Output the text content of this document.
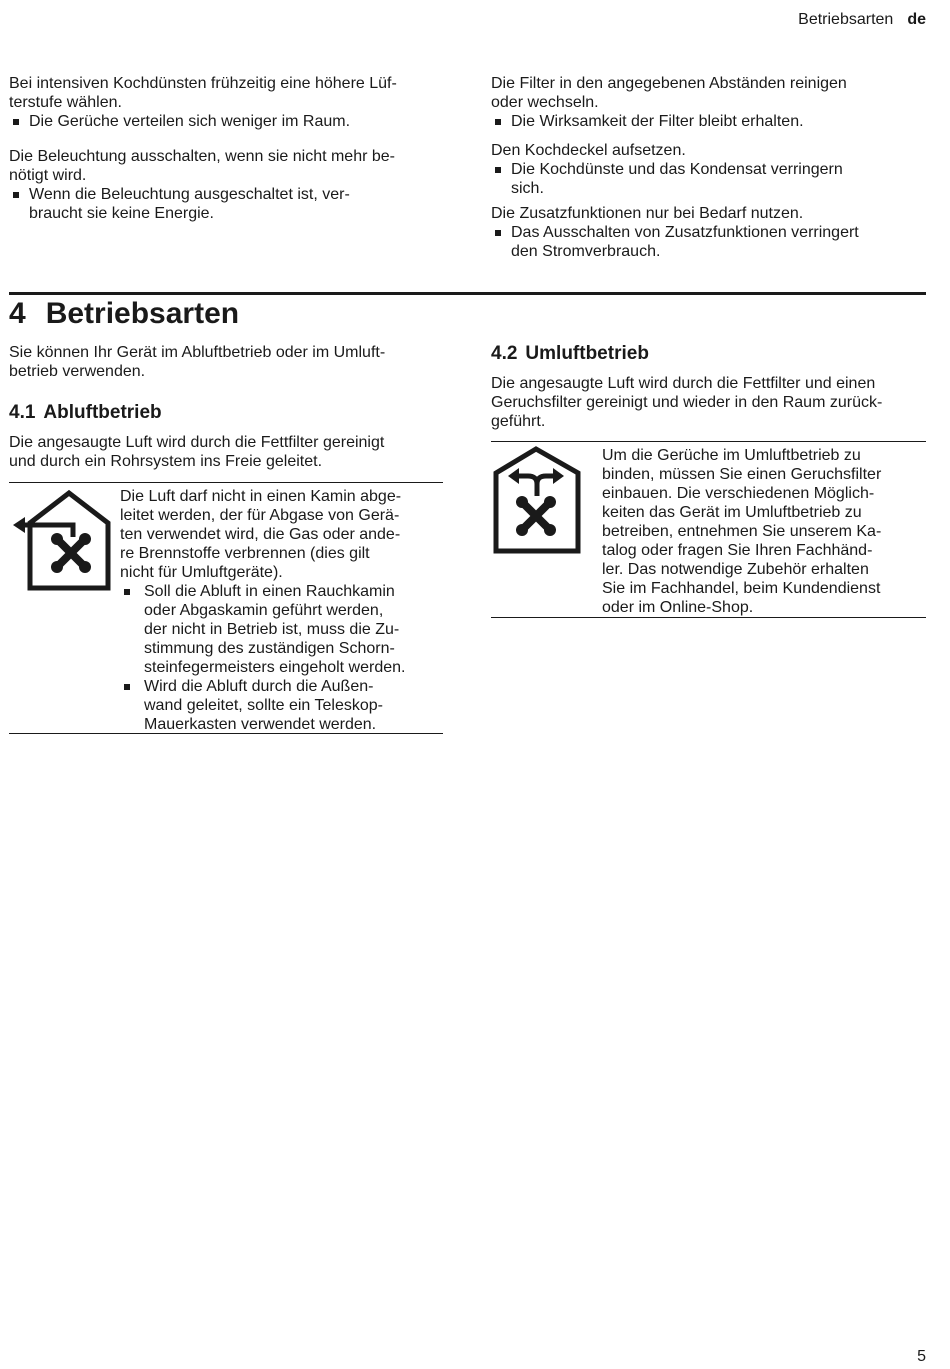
Betriebsarten de

Bei intensiven Kochdünsten frühzeitig eine höhere Lüf-
terstufe wählen.

Die Gerüche verteilen sich weniger im Raum.

Die Beleuchtung ausschalten, wenn sie nicht mehr be-
nötigt wird.

Wenn die Beleuchtung ausgeschaltet ist, ver-
braucht sie keine Energie.

Die Filter in den angegebenen Abständen reinigen
oder wechseln.

Die Wirksamkeit der Filter bleibt erhalten.

Den Kochdeckel aufsetzen.

Die Kochdünste und das Kondensat verringern
sich.

Die Zusatzfunktionen nur bei Bedarf nutzen.

Das Ausschalten von Zusatzfunktionen verringert
den Stromverbrauch.

4 Betriebsarten

Sie können Ihr Gerät im Abluftbetrieb oder im Umluft-
betrieb verwenden.

4.1 Abluftbetrieb

Die angesaugte Luft wird durch die Fettfilter gereinigt
und durch ein Rohrsystem ins Freie geleitet.

Die Luft darf nicht in einen Kamin abge-
leitet werden, der für Abgase von Gerä-
ten verwendet wird, die Gas oder ande-
re Brennstoffe verbrennen (dies gilt
nicht für Umluftgeräte).

Soll die Abluft in einen Rauchkamin
oder Abgaskamin geführt werden,
der nicht in Betrieb ist, muss die Zu-
stimmung des zuständigen Schorn-
steinfegermeisters eingeholt werden.

Wird die Abluft durch die Außen-
wand geleitet, sollte ein Teleskop-
Mauerkasten verwendet werden.

4.2 Umluftbetrieb

Die angesaugte Luft wird durch die Fettfilter und einen
Geruchsfilter gereinigt und wieder in den Raum zurück-
geführt.

Um die Gerüche im Umluftbetrieb zu
binden, müssen Sie einen Geruchsfilter
einbauen. Die verschiedenen Möglich-
keiten das Gerät im Umluftbetrieb zu
betreiben, entnehmen Sie unserem Ka-
talog oder fragen Sie Ihren Fachhänd-
ler. Das notwendige Zubehör erhalten
Sie im Fachhandel, beim Kundendienst
oder im Online-Shop.

5
